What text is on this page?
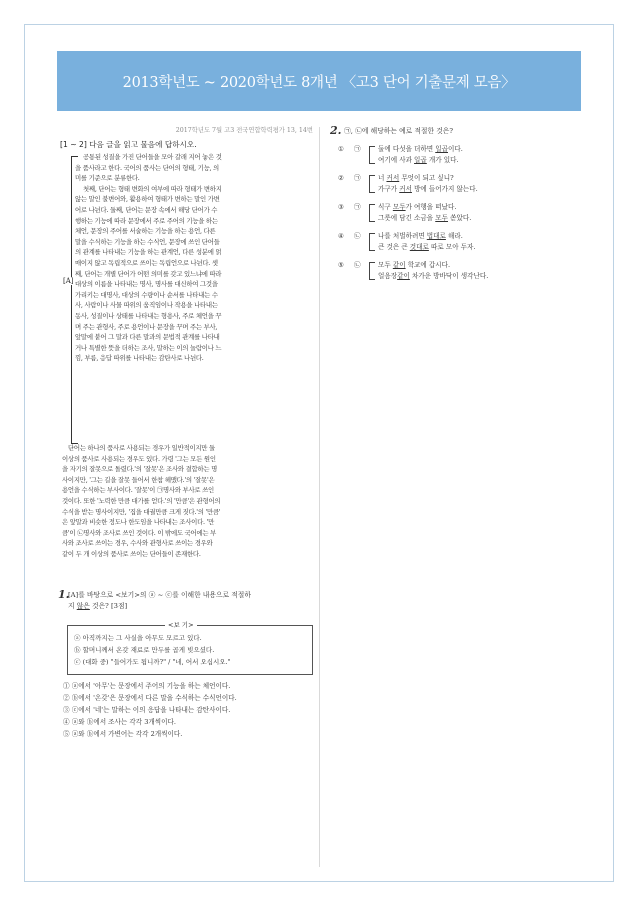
2013학년도 ~ 2020학년도 8개년 〈고3 단어 기출문제 모음〉
2017학년도 7월 고3 전국연합학력평가 13, 14번
[1 ~ 2] 다음 글을 읽고 물음에 답하시오.
[A]

공통된 성질을 가진 단어들을 모아 갈래 지어 놓은 것
을 품사라고 한다. 국어의 품사는 단어의 형태, 기능, 의
미를 기준으로 분류한다.

첫째, 단어는 형태 변화의 여부에 따라 형태가 변하지
않는 말인 불변어와, 활용하여 형태가 변하는 말인 가변
어로 나뉜다. 둘째, 단어는 문장 속에서 해당 단어가 수
행하는 기능에 따라 문장에서 주로 주어의 기능을 하는
체언, 문장의 주어를 서술하는 기능을 하는 용언, 다른
말을 수식하는 기능을 하는 수식언, 문장에 쓰인 단어들
의 관계를 나타내는 기능을 하는 관계언, 다른 성분에 얽
매이지 않고 독립적으로 쓰이는 독립언으로 나뉜다. 셋
째, 단어는 개별 단어가 어떤 의미를 갖고 있느냐에 따라
대상의 이름을 나타내는 명사, 명사를 대신하여 그것을
가리키는 대명사, 대상의 수량이나 순서를 나타내는 수
사, 사람이나 사물 따위의 움직임이나 작용을 나타내는
동사, 성질이나 상태를 나타내는 형용사, 주로 체언을 꾸
며 주는 관형사, 주로 용언이나 문장을 꾸며 주는 부사,
앞말에 붙어 그 말과 다른 말과의 문법적 관계를 나타내
거나 특별한 뜻을 더하는 조사, 말하는 이의 놀람이나 느
낌, 부름, 응답 따위를 나타내는 감탄사로 나뉜다.

단어는 하나의 품사로 사용되는 경우가 일반적이지만 둘
이상의 품사로 사용되는 경우도 있다. 가령 '그는 모든 원인
을 자기의 잘못으로 돌렸다.'의 '잘못'은 조사와 결합하는 명
사이지만, '그는 길을 잘못 들어서 한참 헤맸다.'의 '잘못'은
용언을 수식하는 부사이다. '잘못'이 ㉠명사와 부사로 쓰인
것이다. 또한 '노력한 만큼 대가를 얻다.'의 '만큼'은 관형어의
수식을 받는 명사이지만, '집을 대궐만큼 크게 짓다.'의 '만큼'
은 앞말과 비슷한 정도나 한도임을 나타내는 조사이다. '만
큼'이 ㉡명사와 조사로 쓰인 것이다. 이 밖에도 국어에는 부
사와 조사로 쓰이는 경우, 수사와 관형사로 쓰이는 경우와
같이 두 개 이상의 품사로 쓰이는 단어들이 존재한다.

1.
[A]를 바탕으로 <보기>의 ⓐ ~ ⓒ를 이해한 내용으로 적절하
지 않은 것은? [3점]
<보 기>
ⓐ 아직까지는 그 사실을 아무도 모르고 있다.
ⓑ 할머니께서 온갖 재료로 만두를 곱게 빚으셨다.
ⓒ (대화 중) "들어가도 됩니까?" / "네, 어서 오십시오."
① ⓐ에서 '아무'는 문장에서 주어의 기능을 하는 체언이다.
② ⓑ에서 '온갖'은 문장에서 다른 말을 수식하는 수식언이다.
③ ⓒ에서 '네'는 말하는 이의 응답을 나타내는 감탄사이다.
④ ⓐ와 ⓑ에서 조사는 각각 3개씩이다.
⑤ ⓐ와 ⓑ에서 가변어는 각각 2개씩이다.
2. ㉠, ㉡에 해당하는 예로 적절한 것은?
① ㉠	둘에 다섯을 더하면 일곱이다.
여기에 사과 일곱 개가 있다.
② ㉠	너 커서 무엇이 되고 싶니?
가구가 커서 방에 들어가지 않는다.
③ ㉠	식구 모두가 여행을 떠났다.
그릇에 담긴 소금을 모두 쏟았다.
④ ㉡	나를 처벌하려면 법대로 해라.
큰 것은 큰 것대로 따로 모아 두자.
⑤ ㉡	모두 같이 학교에 갑시다.
얼음장같이 차가운 방바닥이 생각난다.
